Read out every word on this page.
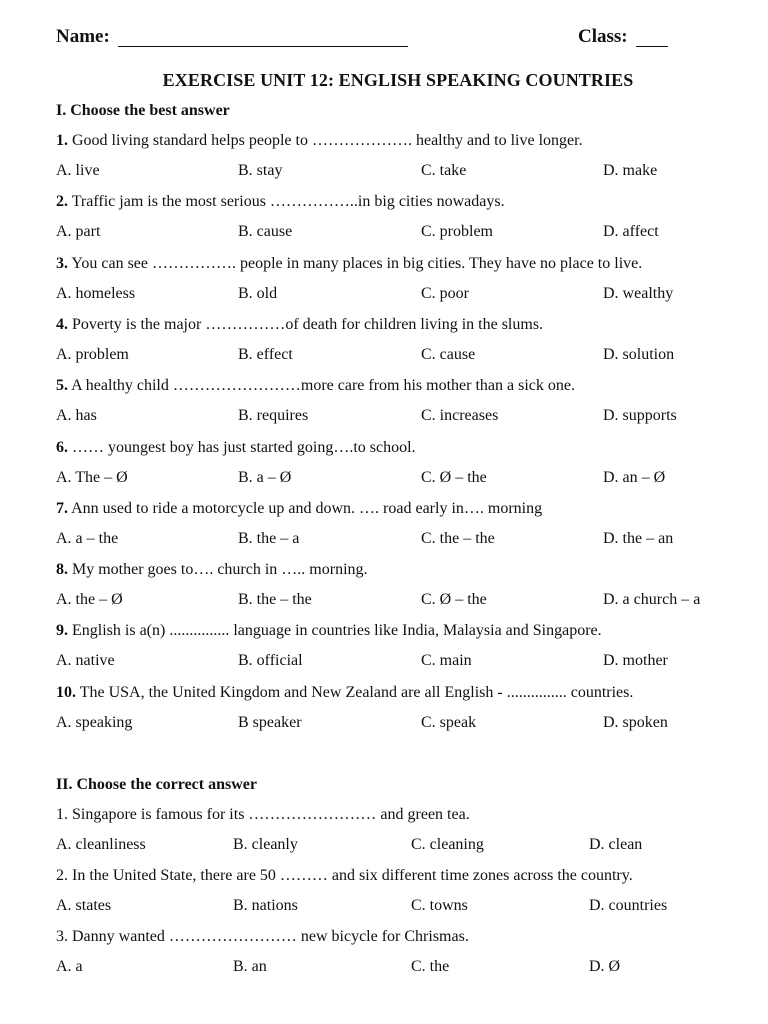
Name:	Class:
EXERCISE UNIT 12: ENGLISH SPEAKING COUNTRIES
I. Choose the best answer
1. Good living standard helps people to ………………. healthy and to live longer.
A. live	B. stay	C. take	D. make
2. Traffic jam is the most serious ……………..in big cities nowadays.
A. part	B. cause	C. problem	D. affect
3. You can see ……………. people in many places in big cities. They have no place to live.
A. homeless	B. old	C. poor	D. wealthy
4. Poverty is the major ……………of death for children living in the slums.
A. problem	B. effect	C. cause	D. solution
5. A healthy child ……………………more care from his mother than a sick one.
A. has	B. requires	C. increases	D. supports
6. …… youngest boy has just started going….to school.
A. The – Ø	B. a – Ø	C. Ø – the	D. an – Ø
7. Ann used to ride a motorcycle up and down. …. road early in…. morning
A. a – the	B. the – a	C. the – the	D. the – an
8. My mother goes to…. church in ….. morning.
A. the – Ø	B. the – the	C. Ø – the	D. a church – a
9. English is a(n) ............... language in countries like India, Malaysia and Singapore.
A. native	B. official	C. main	D. mother
10. The USA, the United Kingdom and New Zealand are all English - ............... countries.
A. speaking	B speaker	C. speak	D. spoken
II. Choose the correct answer
1. Singapore is famous for its …………………… and green tea.
A. cleanliness	B. cleanly	C. cleaning	D. clean
2. In the United State, there are 50 ……… and six different time zones across the country.
A. states	B. nations	C. towns	D. countries
3. Danny wanted …………………… new bicycle for Chrismas.
A. a	B. an	C. the	D. Ø
